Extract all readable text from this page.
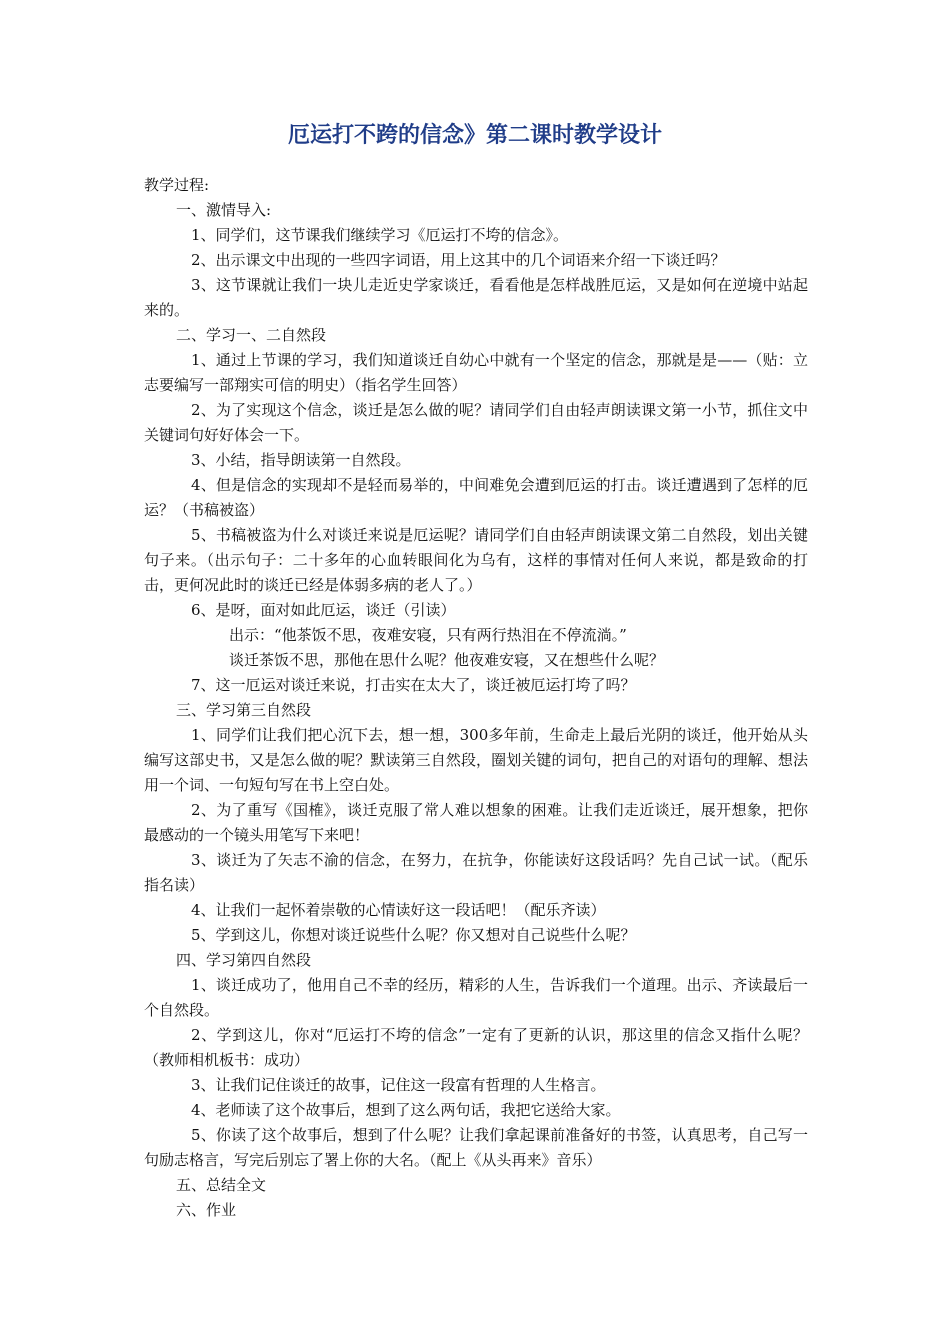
厄运打不跨的信念》第二课时教学设计

教学过程:

一、激情导入:

1、同学们，这节课我们继续学习《厄运打不垮的信念》。

2、出示课文中出现的一些四字词语，用上这其中的几个词语来介绍一下谈迁吗？

3、这节课就让我们一块儿走近史学家谈迁，看看他是怎样战胜厄运，又是如何在逆境中站起来的。

二、学习一、二自然段

1、通过上节课的学习，我们知道谈迁自幼心中就有一个坚定的信念，那就是是——（贴：立志要编写一部翔实可信的明史）（指名学生回答）

2、为了实现这个信念，谈迁是怎么做的呢？请同学们自由轻声朗读课文第一小节，抓住文中关键词句好好体会一下。

3、小结，指导朗读第一自然段。

4、但是信念的实现却不是轻而易举的，中间难免会遭到厄运的打击。谈迁遭遇到了怎样的厄运？（书稿被盗）

5、书稿被盗为什么对谈迁来说是厄运呢？请同学们自由轻声朗读课文第二自然段，划出关键句子来。（出示句子：二十多年的心血转眼间化为乌有，这样的事情对任何人来说，都是致命的打击，更何况此时的谈迁已经是体弱多病的老人了。）

6、是呀，面对如此厄运，谈迁（引读）

出示：“他茶饭不思，夜难安寝，只有两行热泪在不停流淌。”

谈迁茶饭不思，那他在思什么呢？他夜难安寝，又在想些什么呢？

7、这一厄运对谈迁来说，打击实在太大了，谈迁被厄运打垮了吗？

三、学习第三自然段

1、同学们让我们把心沉下去，想一想，300多年前，生命走上最后光阴的谈迁，他开始从头编写这部史书，又是怎么做的呢？默读第三自然段，圈划关键的词句，把自己的对语句的理解、想法用一个词、一句短句写在书上空白处。

2、为了重写《国榷》，谈迁克服了常人难以想象的困难。让我们走近谈迁，展开想象，把你最感动的一个镜头用笔写下来吧！

3、谈迁为了矢志不渝的信念，在努力，在抗争，你能读好这段话吗？先自己试一试。（配乐指名读）

4、让我们一起怀着崇敬的心情读好这一段话吧！（配乐齐读）

5、学到这儿，你想对谈迁说些什么呢？你又想对自己说些什么呢？

四、学习第四自然段

1、谈迁成功了，他用自己不幸的经历，精彩的人生，告诉我们一个道理。出示、齐读最后一个自然段。

2、学到这儿，你对“厄运打不垮的信念”一定有了更新的认识，那这里的信念又指什么呢？（教师相机板书：成功）

3、让我们记住谈迁的故事，记住这一段富有哲理的人生格言。

4、老师读了这个故事后，想到了这么两句话，我把它送给大家。

5、你读了这个故事后，想到了什么呢？让我们拿起课前准备好的书签，认真思考，自己写一句励志格言，写完后别忘了署上你的大名。（配上《从头再来》音乐）

五、总结全文

六、作业
